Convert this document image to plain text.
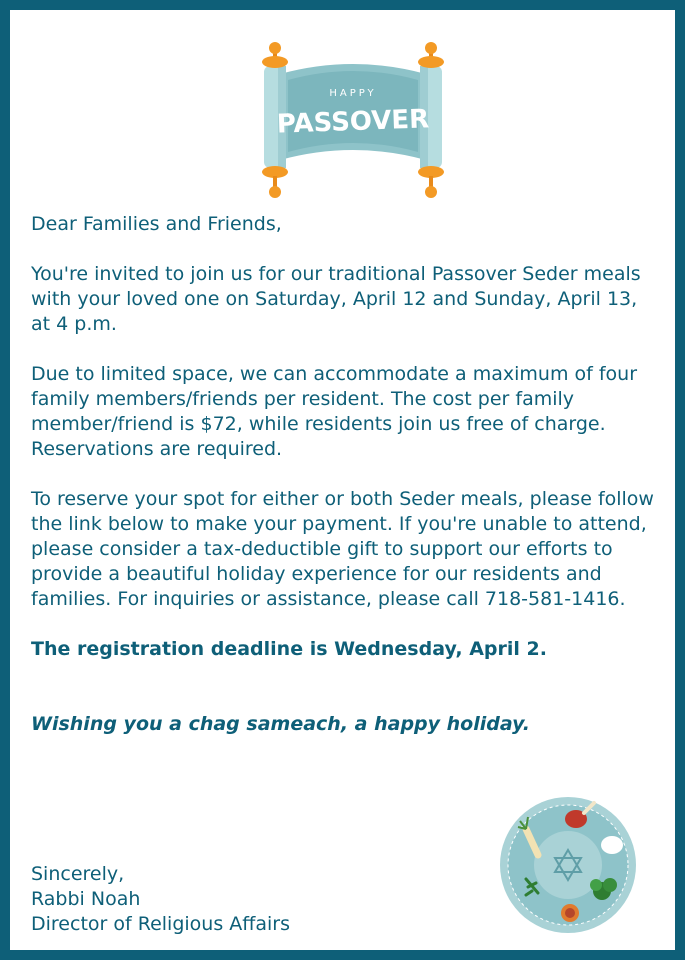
HAPPY
PASSOVER

Dear Families and Friends,

You're invited to join us for our traditional Passover Seder meals with your loved one on Saturday, April 12 and Sunday, April 13, at 4 p.m.

Due to limited space, we can accommodate a maximum of four family members/friends per resident. The cost per family member/friend is $72, while residents join us free of charge. Reservations are required.

To reserve your spot for either or both Seder meals, please follow the link below to make your payment. If you're unable to attend, please consider a tax-deductible gift to support our efforts to provide a beautiful holiday experience for our residents and families. For inquiries or assistance, please call 718-581-1416.

The registration deadline is Wednesday, April 2.

Wishing you a chag sameach, a happy holiday.

Sincerely,
Rabbi Noah
Director of Religious Affairs
